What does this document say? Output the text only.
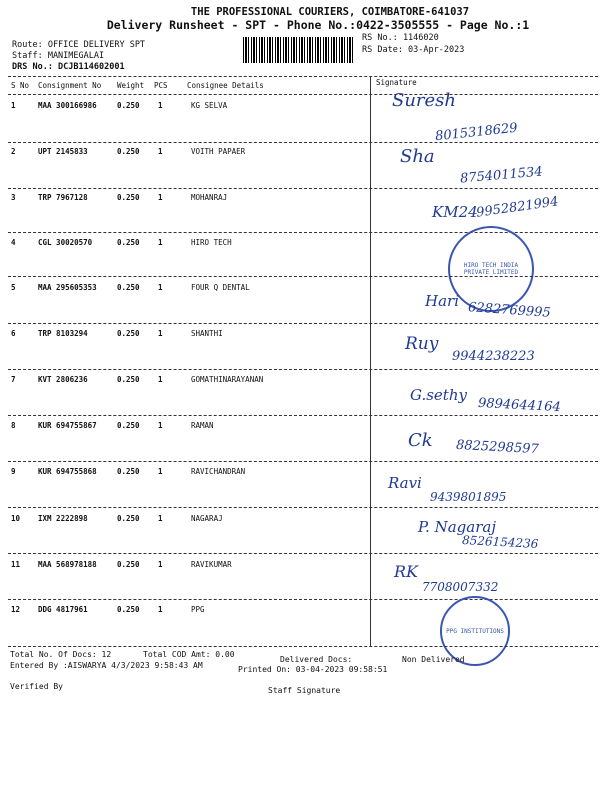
THE PROFESSIONAL COURIERS, COIMBATORE-641037
Delivery Runsheet - SPT - Phone No.:0422-3505555 - Page No.:1
Route: OFFICE DELIVERY SPT
Staff: MANIMEGALAI
DRS No.: DCJB114602001
RS No.: 1146020
RS Date: 03-Apr-2023
S No Consignment No Weight PCS	Consignee Details	Signature
1	MAA 300166986	0.250 1	KG SELVA	Suresh
8015318629
2	UPT 2145833	0.250 1	VOITH PAPAER	Sha
8754011534
3	TRP 7967128	0.250 1	MOHANRAJ
KM24
9952821994
4	CGL 30020570	0.250 1	HIRO TECH
HIRO TECH INDIA PRIVATE LIMITED
5	MAA 295605353	0.250 1	FOUR Q DENTAL
Hari 6282769995
6	TRP 8103294	0.250 1	SHANTHI
Ruy
9944238223
7	KVT 2806236	0.250 1	GOMATHINARAYANAN
G.sethy
9894644164
8	KUR 694755867	0.250 1	RAMAN
Ck 8825298597
9	KUR 694755868	0.250 1	RAVICHANDRAN
Ravi
9439801895
10 IXM 2222898	0.250 1	NAGARAJ	P. Nagaraj
8526154236
11 MAA 568978188	0.250 1	RAVIKUMAR	RK
7708007332
12 DDG 4817961	0.250 1	PPG
PPG INSTITUTIONS
Total No. Of Docs: 12	Total COD Amt: 0.00
Delivered Docs:	Non Delivered
Entered By :AISWARYA 4/3/2023 9:58:43 AM	Printed On: 03-04-2023 09:58:51
Verified By	Staff Signature
